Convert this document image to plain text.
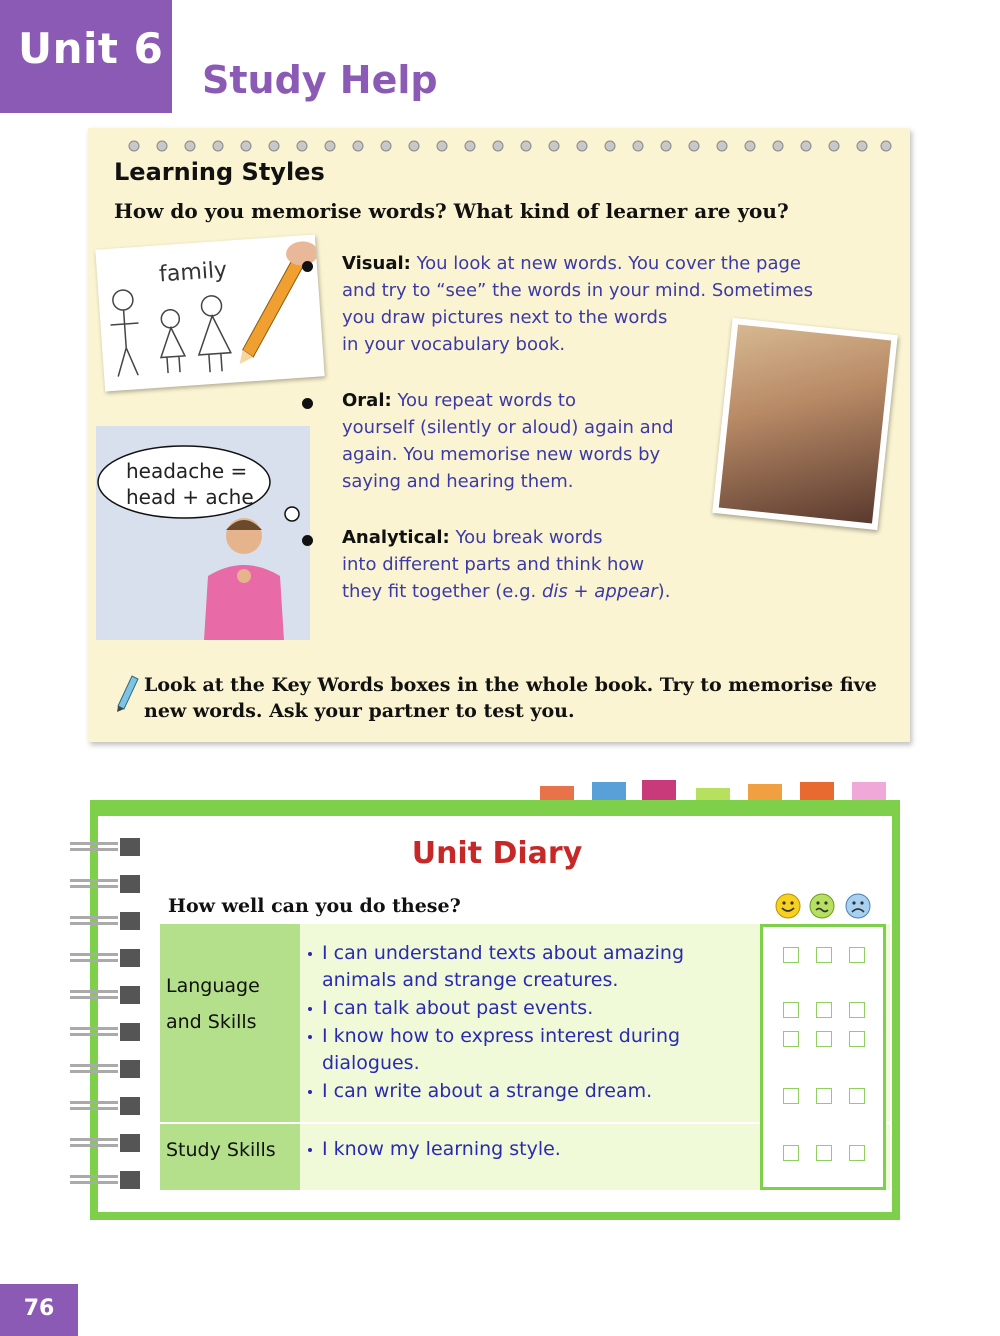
Unit 6
Study Help
Learning Styles
How do you memorise words? What kind of learner are you?
family
headache =
head + ache
Visual: You look at new words. You cover the page
and try to “see” the words in your mind. Sometimes
you draw pictures next to the words
in your vocabulary book.
Oral: You repeat words to
yourself (silently or aloud) again and
again. You memorise new words by
saying and hearing them.
Analytical: You break words
into different parts and think how
they fit together (e.g. dis + appear).
Look at the Key Words boxes in the whole book. Try to memorise five
new words. Ask your partner to test you.
Unit Diary
How well can you do these?
Language
and Skills
Study Skills
I can understand texts about amazing
animals and strange creatures.
I can talk about past events.
I know how to express interest during
dialogues.
I can write about a strange dream.
I know my learning style.
76
